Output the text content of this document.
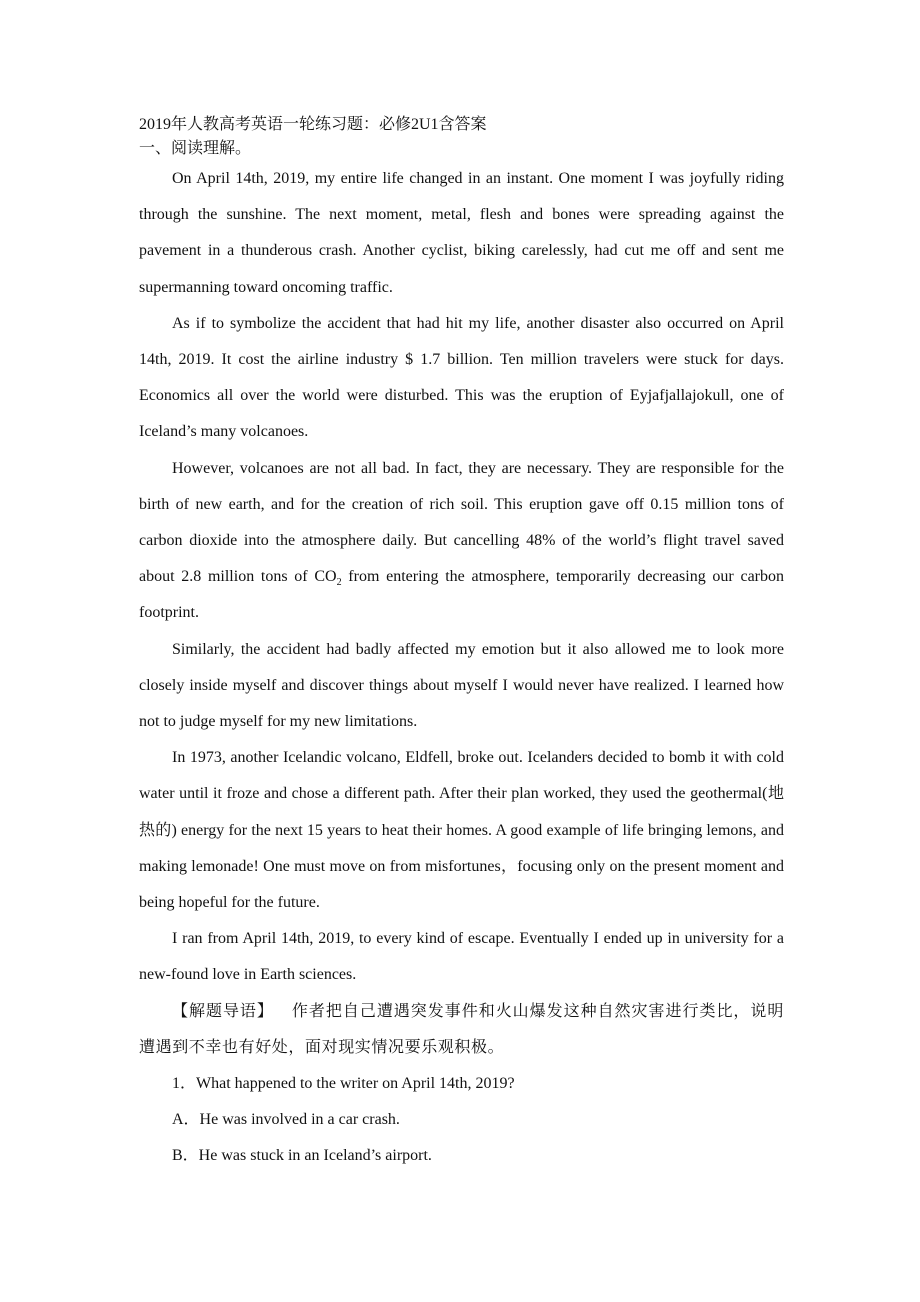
2019年人教高考英语一轮练习题：必修2U1含答案
一、阅读理解。

On April 14th, 2019, my entire life changed in an instant. One moment I was joyfully riding through the sunshine. The next moment, metal, flesh and bones were spreading against the pavement in a thunderous crash. Another cyclist, biking carelessly, had cut me off and sent me supermanning toward oncoming traffic.

As if to symbolize the accident that had hit my life, another disaster also occurred on April 14th, 2019. It cost the airline industry $ 1.7 billion. Ten million travelers were stuck for days. Economics all over the world were disturbed. This was the eruption of Eyjafjallajokull, one of Iceland’s many volcanoes.

However, volcanoes are not all bad. In fact, they are necessary. They are responsible for the birth of new earth, and for the creation of rich soil. This eruption gave off 0.15 million tons of carbon dioxide into the atmosphere daily. But cancelling 48% of the world’s flight travel saved about 2.8 million tons of $CO_2$ from entering the atmosphere, temporarily decreasing our carbon footprint.

Similarly, the accident had badly affected my emotion but it also allowed me to look more closely inside myself and discover things about myself I would never have realized. I learned how not to judge myself for my new limitations.

In 1973, another Icelandic volcano, Eldfell, broke out. Icelanders decided to bomb it with cold water until it froze and chose a different path. After their plan worked, they used the geothermal(地热的) energy for the next 15 years to heat their homes. A good example of life bringing lemons, and making lemonade! One must move on from misfortunes，focusing only on the present moment and being hopeful for the future.

I ran from April 14th, 2019, to every kind of escape. Eventually I ended up in university for a new-found love in Earth sciences.

【解题导语】 作者把自己遭遇突发事件和火山爆发这种自然灾害进行类比，说明遭遇到不幸也有好处，面对现实情况要乐观积极。

1．What happened to the writer on April 14th, 2019?

A．He was involved in a car crash.

B．He was stuck in an Iceland’s airport.
